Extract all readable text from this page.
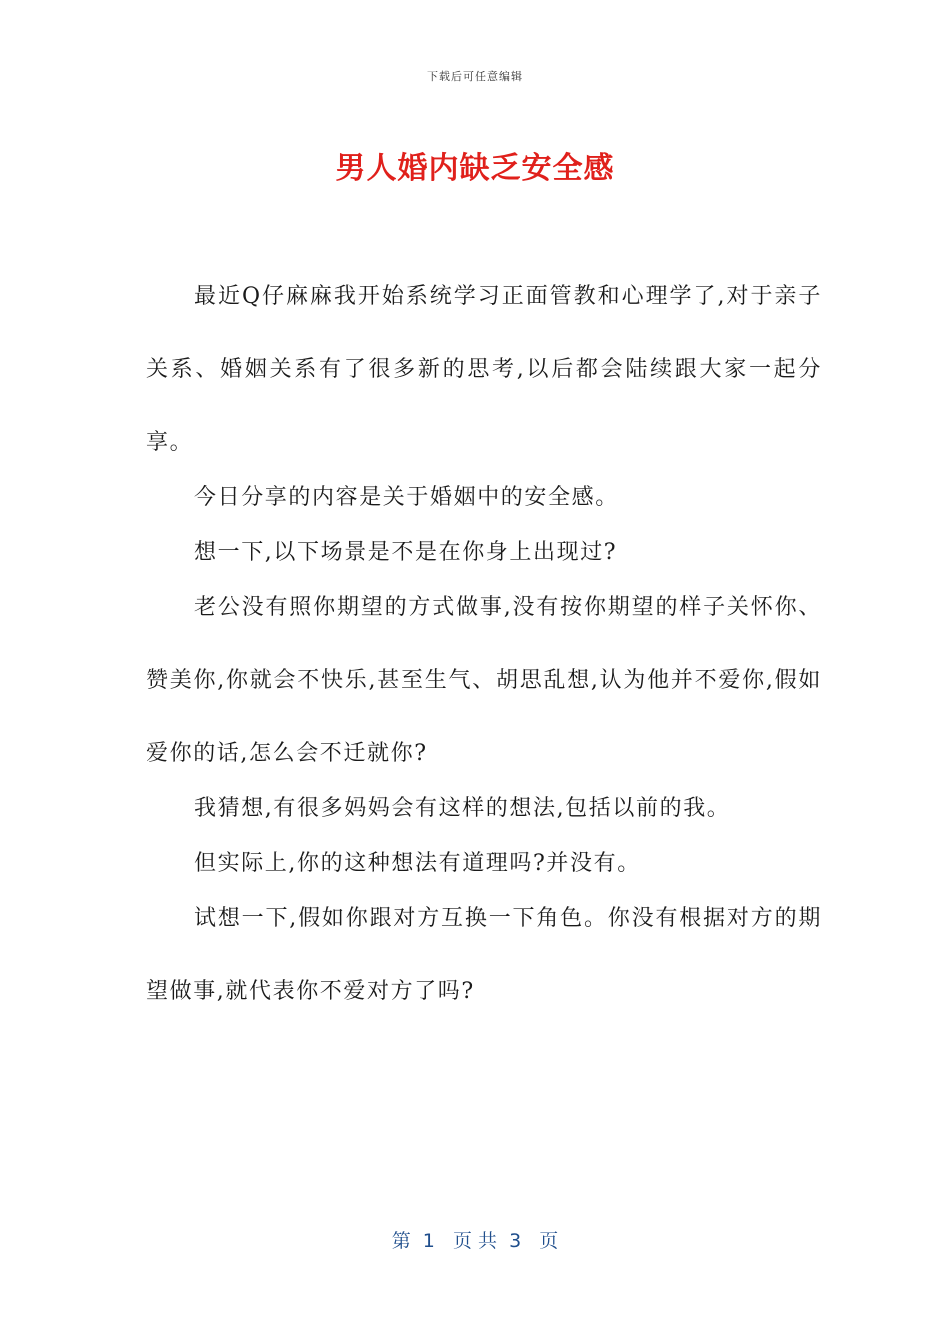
下载后可任意编辑
男人婚内缺乏安全感

最近Q仔麻麻我开始系统学习正面管教和心理学了,对于亲子关系、婚姻关系有了很多新的思考,以后都会陆续跟大家一起分享。

今日分享的内容是关于婚姻中的安全感。

想一下,以下场景是不是在你身上出现过?

老公没有照你期望的方式做事,没有按你期望的样子关怀你、赞美你,你就会不快乐,甚至生气、胡思乱想,认为他并不爱你,假如爱你的话,怎么会不迁就你?

我猜想,有很多妈妈会有这样的想法,包括以前的我。

但实际上,你的这种想法有道理吗?并没有。

试想一下,假如你跟对方互换一下角色。你没有根据对方的期望做事,就代表你不爱对方了吗?

第  1   页 共  3   页
